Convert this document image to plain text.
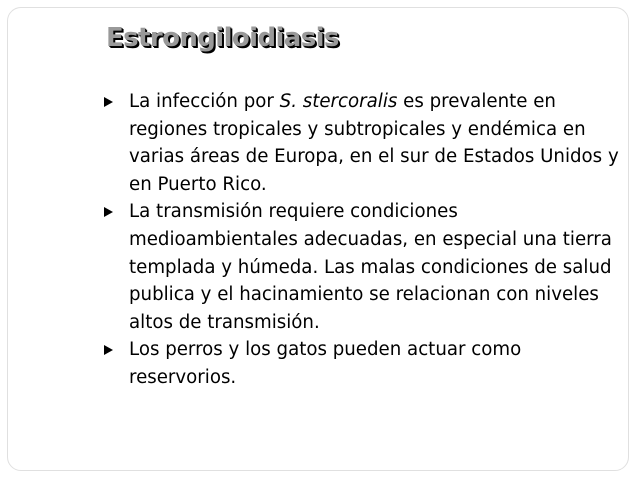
Estrongiloidiasis
La infección por S. stercoralis es prevalente en regiones tropicales y subtropicales y endémica en varias áreas de Europa, en el sur de Estados Unidos y en Puerto Rico.
La transmisión requiere condiciones medioambientales adecuadas, en especial una tierra templada y húmeda. Las malas condiciones de salud publica y el hacinamiento se relacionan con niveles altos de transmisión.
Los perros y los gatos pueden actuar como reservorios.
